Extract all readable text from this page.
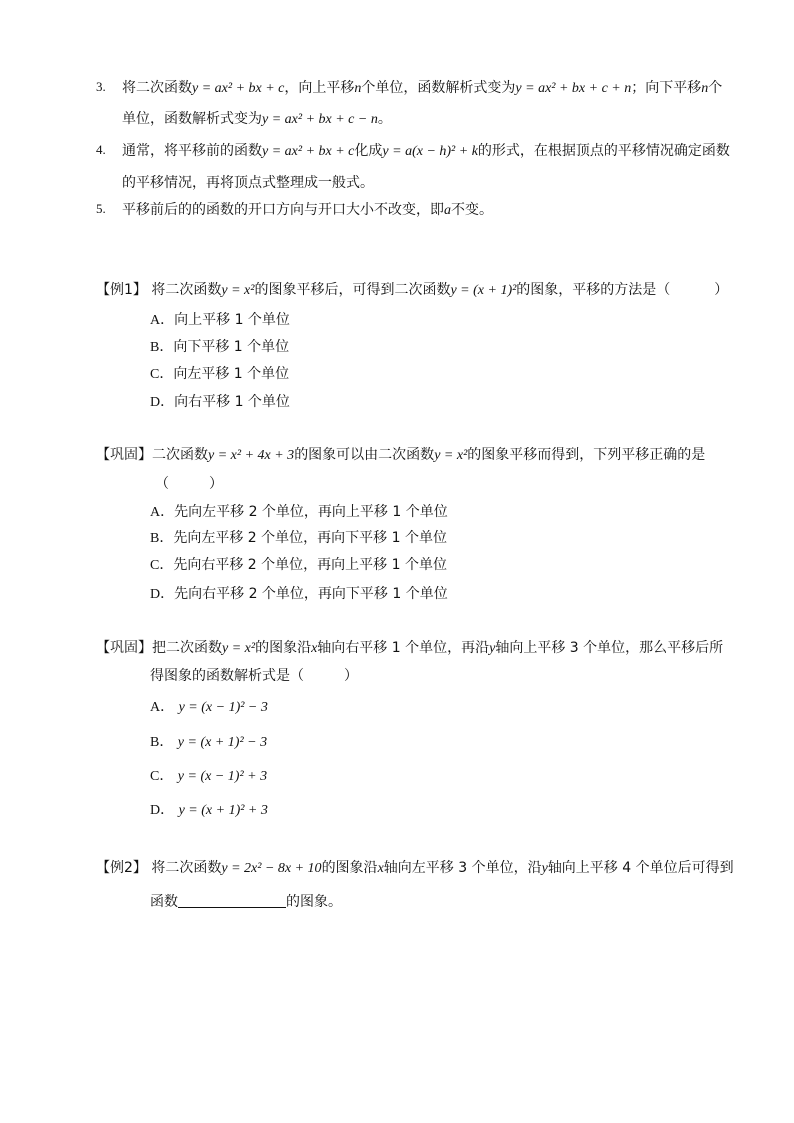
3.	将二次函数y = ax² + bx + c，向上平移n个单位，函数解析式变为y = ax² + bx + c + n；向下平移n个
单位，函数解析式变为y = ax² + bx + c − n。
4.	通常，将平移前的函数y = ax² + bx + c化成y = a(x − h)² + k的形式，在根据顶点的平移情况确定函数
的平移情况，再将顶点式整理成一般式。
5.	平移前后的的函数的开口方向与开口大小不改变，即a不变。
【例1】 将二次函数y = x²的图象平移后，可得到二次函数y = (x + 1)²的图象，平移的方法是（	）
A．向上平移 1 个单位
B．向下平移 1 个单位
C．向左平移 1 个单位
D．向右平移 1 个单位
【巩固】二次函数y = x² + 4x + 3的图象可以由二次函数y = x²的图象平移而得到，下列平移正确的是
（	）
A．先向左平移 2 个单位，再向上平移 1 个单位
B．先向左平移 2 个单位，再向下平移 1 个单位
C．先向右平移 2 个单位，再向上平移 1 个单位
D．先向右平移 2 个单位，再向下平移 1 个单位
【巩固】把二次函数y = x²的图象沿x轴向右平移 1 个单位，再沿y轴向上平移 3 个单位，那么平移后所
得图象的函数解析式是（	）
A． y = (x − 1)² − 3
B． y = (x + 1)² − 3
C． y = (x − 1)² + 3
D． y = (x + 1)² + 3
【例2】 将二次函数y = 2x² − 8x + 10的图象沿x轴向左平移 3 个单位，沿y轴向上平移 4 个单位后可得到
函数	的图象。
